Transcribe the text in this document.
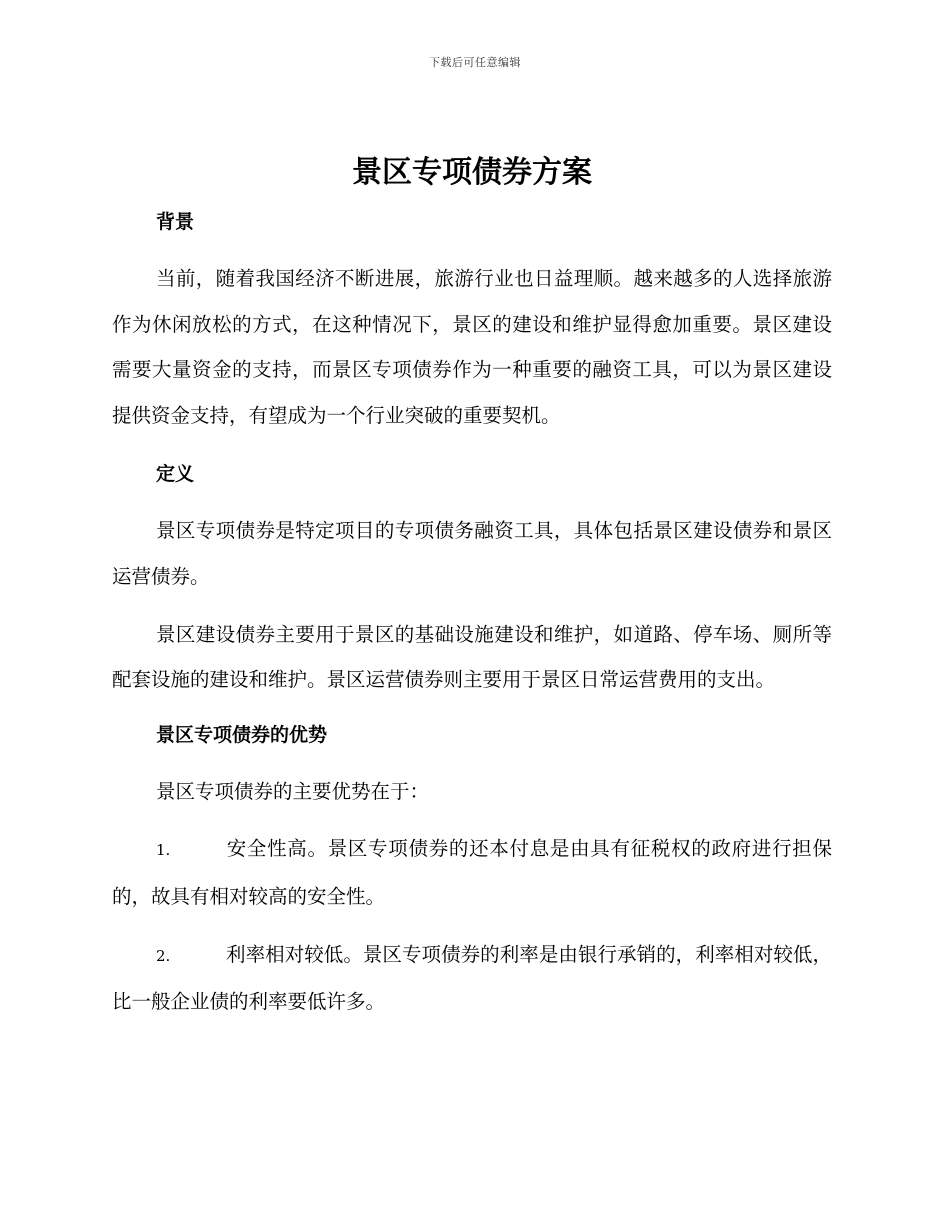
下载后可任意编辑
景区专项债券方案
背景

当前，随着我国经济不断进展，旅游行业也日益理顺。越来越多的人选择旅游作为休闲放松的方式，在这种情况下，景区的建设和维护显得愈加重要。景区建设需要大量资金的支持，而景区专项债券作为一种重要的融资工具，可以为景区建设提供资金支持，有望成为一个行业突破的重要契机。

定义

景区专项债券是特定项目的专项债务融资工具，具体包括景区建设债券和景区运营债券。

景区建设债券主要用于景区的基础设施建设和维护，如道路、停车场、厕所等配套设施的建设和维护。景区运营债券则主要用于景区日常运营费用的支出。

景区专项债券的优势

景区专项债券的主要优势在于：

1.	安全性高。景区专项债券的还本付息是由具有征税权的政府进行担保的，故具有相对较高的安全性。

2.	利率相对较低。景区专项债券的利率是由银行承销的，利率相对较低，比一般企业债的利率要低许多。
